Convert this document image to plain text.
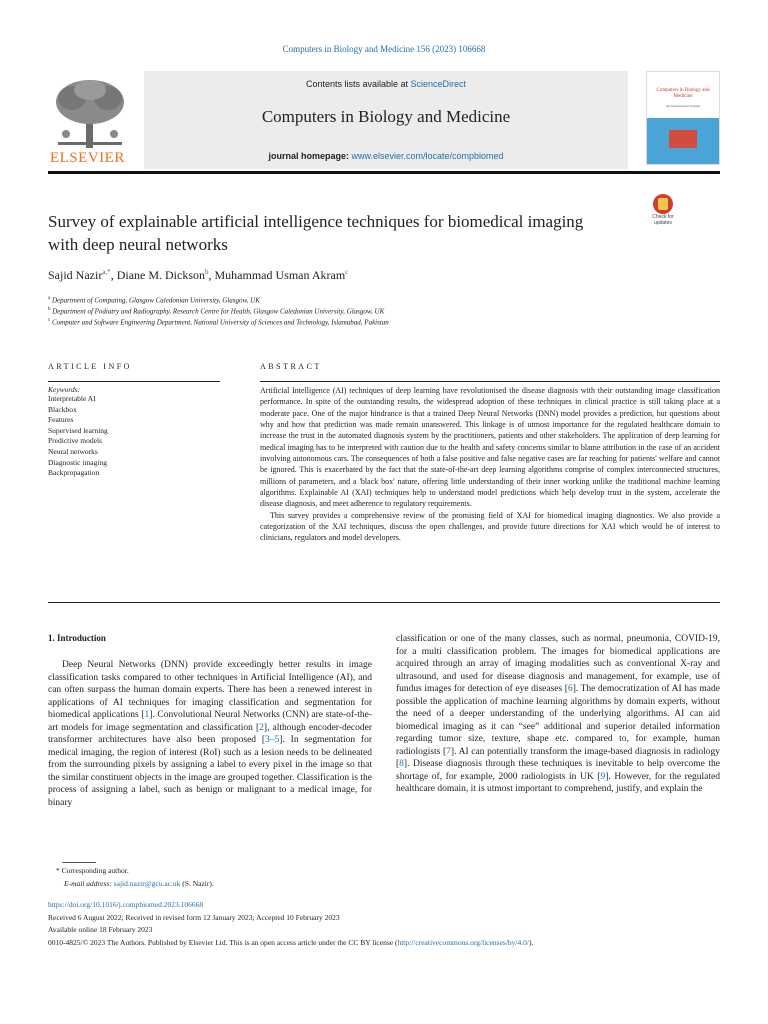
Computers in Biology and Medicine 156 (2023) 106668
ELSEVIER
Contents lists available at ScienceDirect
Computers in Biology and Medicine
journal homepage: www.elsevier.com/locate/compbiomed
Computers in Biology and Medicine
An International Journal
Survey of explainable artificial intelligence techniques for biomedical imaging with deep neural networks
Check for updates
Sajid Nazir$^{a,*}$, Diane M. Dickson$^b$, Muhammad Usman Akram$^c$
$^a$ Department of Computing, Glasgow Caledonian University, Glasgow, UK
$^b$ Department of Podiatry and Radiography, Research Centre for Health, Glasgow Caledonian University, Glasgow, UK
$^c$ Computer and Software Engineering Department, National University of Sciences and Technology, Islamabad, Pakistan
ARTICLE INFO	ABSTRACT
Keywords:
Interpretable AI
Blackbox
Features
Supervised learning
Predictive models
Neural networks
Diagnostic imaging
Backpropagation

Artificial Intelligence (AI) techniques of deep learning have revolutionised the disease diagnosis with their outstanding image classification performance. In spite of the outstanding results, the widespread adoption of these techniques in clinical practice is still taking place at a moderate pace. One of the major hindrance is that a trained Deep Neural Networks (DNN) model provides a prediction, but questions about why and how that prediction was made remain unanswered. This linkage is of utmost importance for the regulated healthcare domain to increase the trust in the automated diagnosis system by the practitioners, patients and other stakeholders. The application of deep learning for medical imaging has to be interpreted with caution due to the health and safety concerns similar to blame attribution in the case of an accident involving autonomous cars. The consequences of both a false positive and false negative cases are far reaching for patients' welfare and cannot be ignored. This is exacerbated by the fact that the state-of-the-art deep learning algorithms comprise of complex interconnected structures, millions of parameters, and a 'black box' nature, offering little understanding of their inner working unlike the traditional machine learning algorithms. Explainable AI (XAI) techniques help to understand model predictions which help develop trust in the system, accelerate the disease diagnosis, and meet adherence to regulatory requirements.

This survey provides a comprehensive review of the promising field of XAI for biomedical imaging diagnostics. We also provide a categorization of the XAI techniques, discuss the open challenges, and provide future directions for XAI which would be of interest to clinicians, regulators and model developers.

1. Introduction

Deep Neural Networks (DNN) provide exceedingly better results in image classification tasks compared to other techniques in Artificial Intelligence (AI), and can often surpass the human domain experts. There has been a renewed interest in applications of AI techniques for imaging classification and segmentation for biomedical applications [1]. Convolutional Neural Networks (CNN) are state-of-the-art models for image segmentation and classification [2], although encoder-decoder transformer architectures have also been proposed [3–5]. In segmentation for medical imaging, the region of interest (RoI) such as a lesion needs to be delineated from the surrounding pixels by assigning a label to every pixel in the image so that the similar constituent objects in the image are grouped together. Classification is the process of assigning a label, such as benign or malignant to a medical image, for binary

classification or one of the many classes, such as normal, pneumonia, COVID-19, for a multi classification problem. The images for biomedical applications are acquired through an array of imaging modalities such as conventional X-ray and ultrasound, and used for disease diagnosis and management, for example, use of fundus images for detection of eye diseases [6]. The democratization of AI has made possible the application of machine learning algorithms by domain experts, without the need of a deeper understanding of the underlying algorithms. AI can aid biomedical imaging as it can “see” additional and superior detailed information regarding tumor size, texture, shape etc. compared to, for example, human radiologists [7]. AI can potentially transform the image-based diagnosis in radiology [8]. Disease diagnosis through these techniques is inevitable to help overcome the shortage of, for example, 2000 radiologists in UK [9]. However, for the regulated healthcare domain, it is utmost important to comprehend, justify, and explain the

* Corresponding author.
E-mail address: sajid.nazir@gcu.ac.uk (S. Nazir).
https://doi.org/10.1016/j.compbiomed.2023.106668
Received 6 August 2022; Received in revised form 12 January 2023; Accepted 10 February 2023
Available online 18 February 2023
0010-4825/© 2023 The Authors. Published by Elsevier Ltd. This is an open access article under the CC BY license (http://creativecommons.org/licenses/by/4.0/).
